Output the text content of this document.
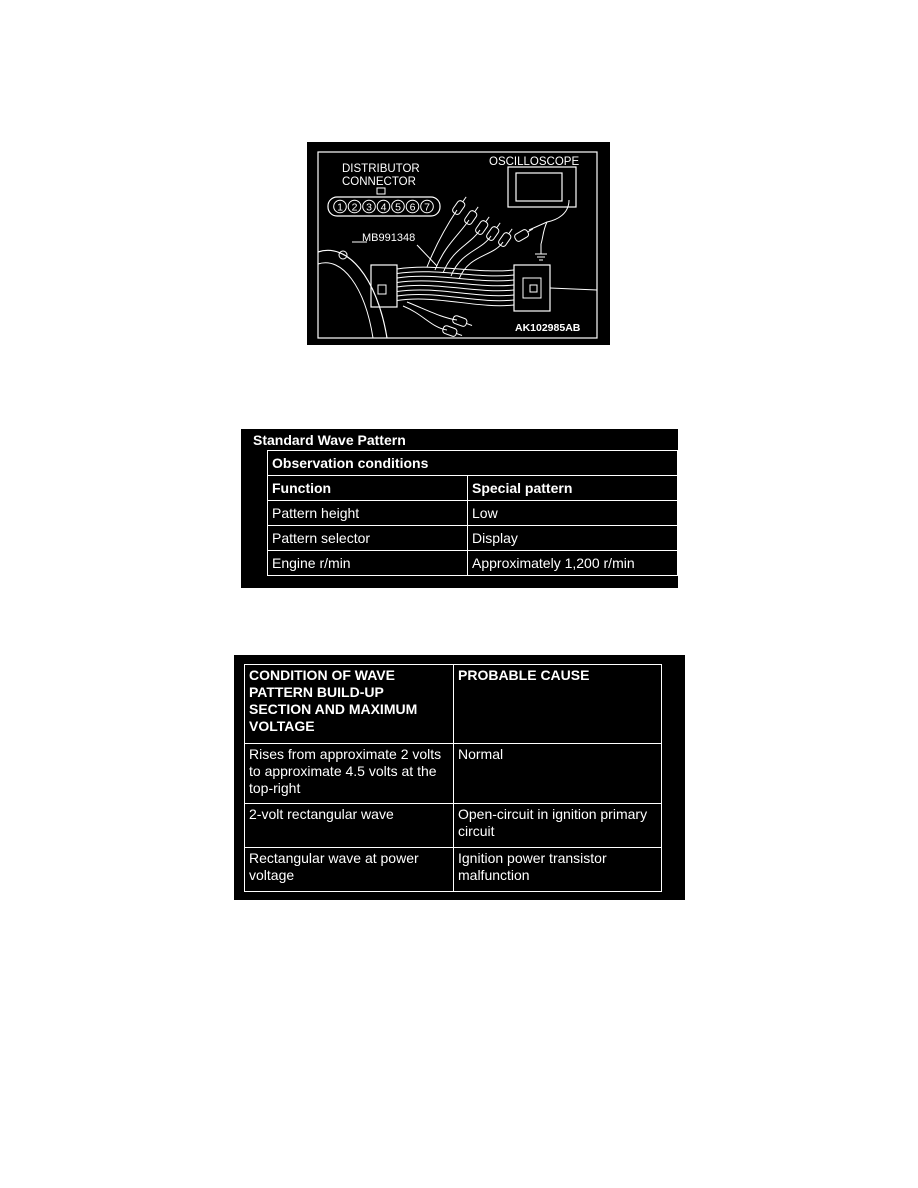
DISTRIBUTOR
CONNECTOR
OSCILLOSCOPE
MB991348
AK102985AB
1 2 3 4 5 6 7
Standard Wave Pattern
Observation conditions	
Function	Special pattern
Pattern height	Low
Pattern selector	Display
Engine r/min	Approximately 1,200 r/min
CONDITION OF WAVE PATTERN BUILD-UP SECTION AND MAXIMUM VOLTAGE	PROBABLE CAUSE
Rises from approximate 2 volts to approximate 4.5 volts at the top-right	Normal
2-volt rectangular wave	Open-circuit in ignition primary circuit
Rectangular wave at power voltage	Ignition power transistor malfunction
